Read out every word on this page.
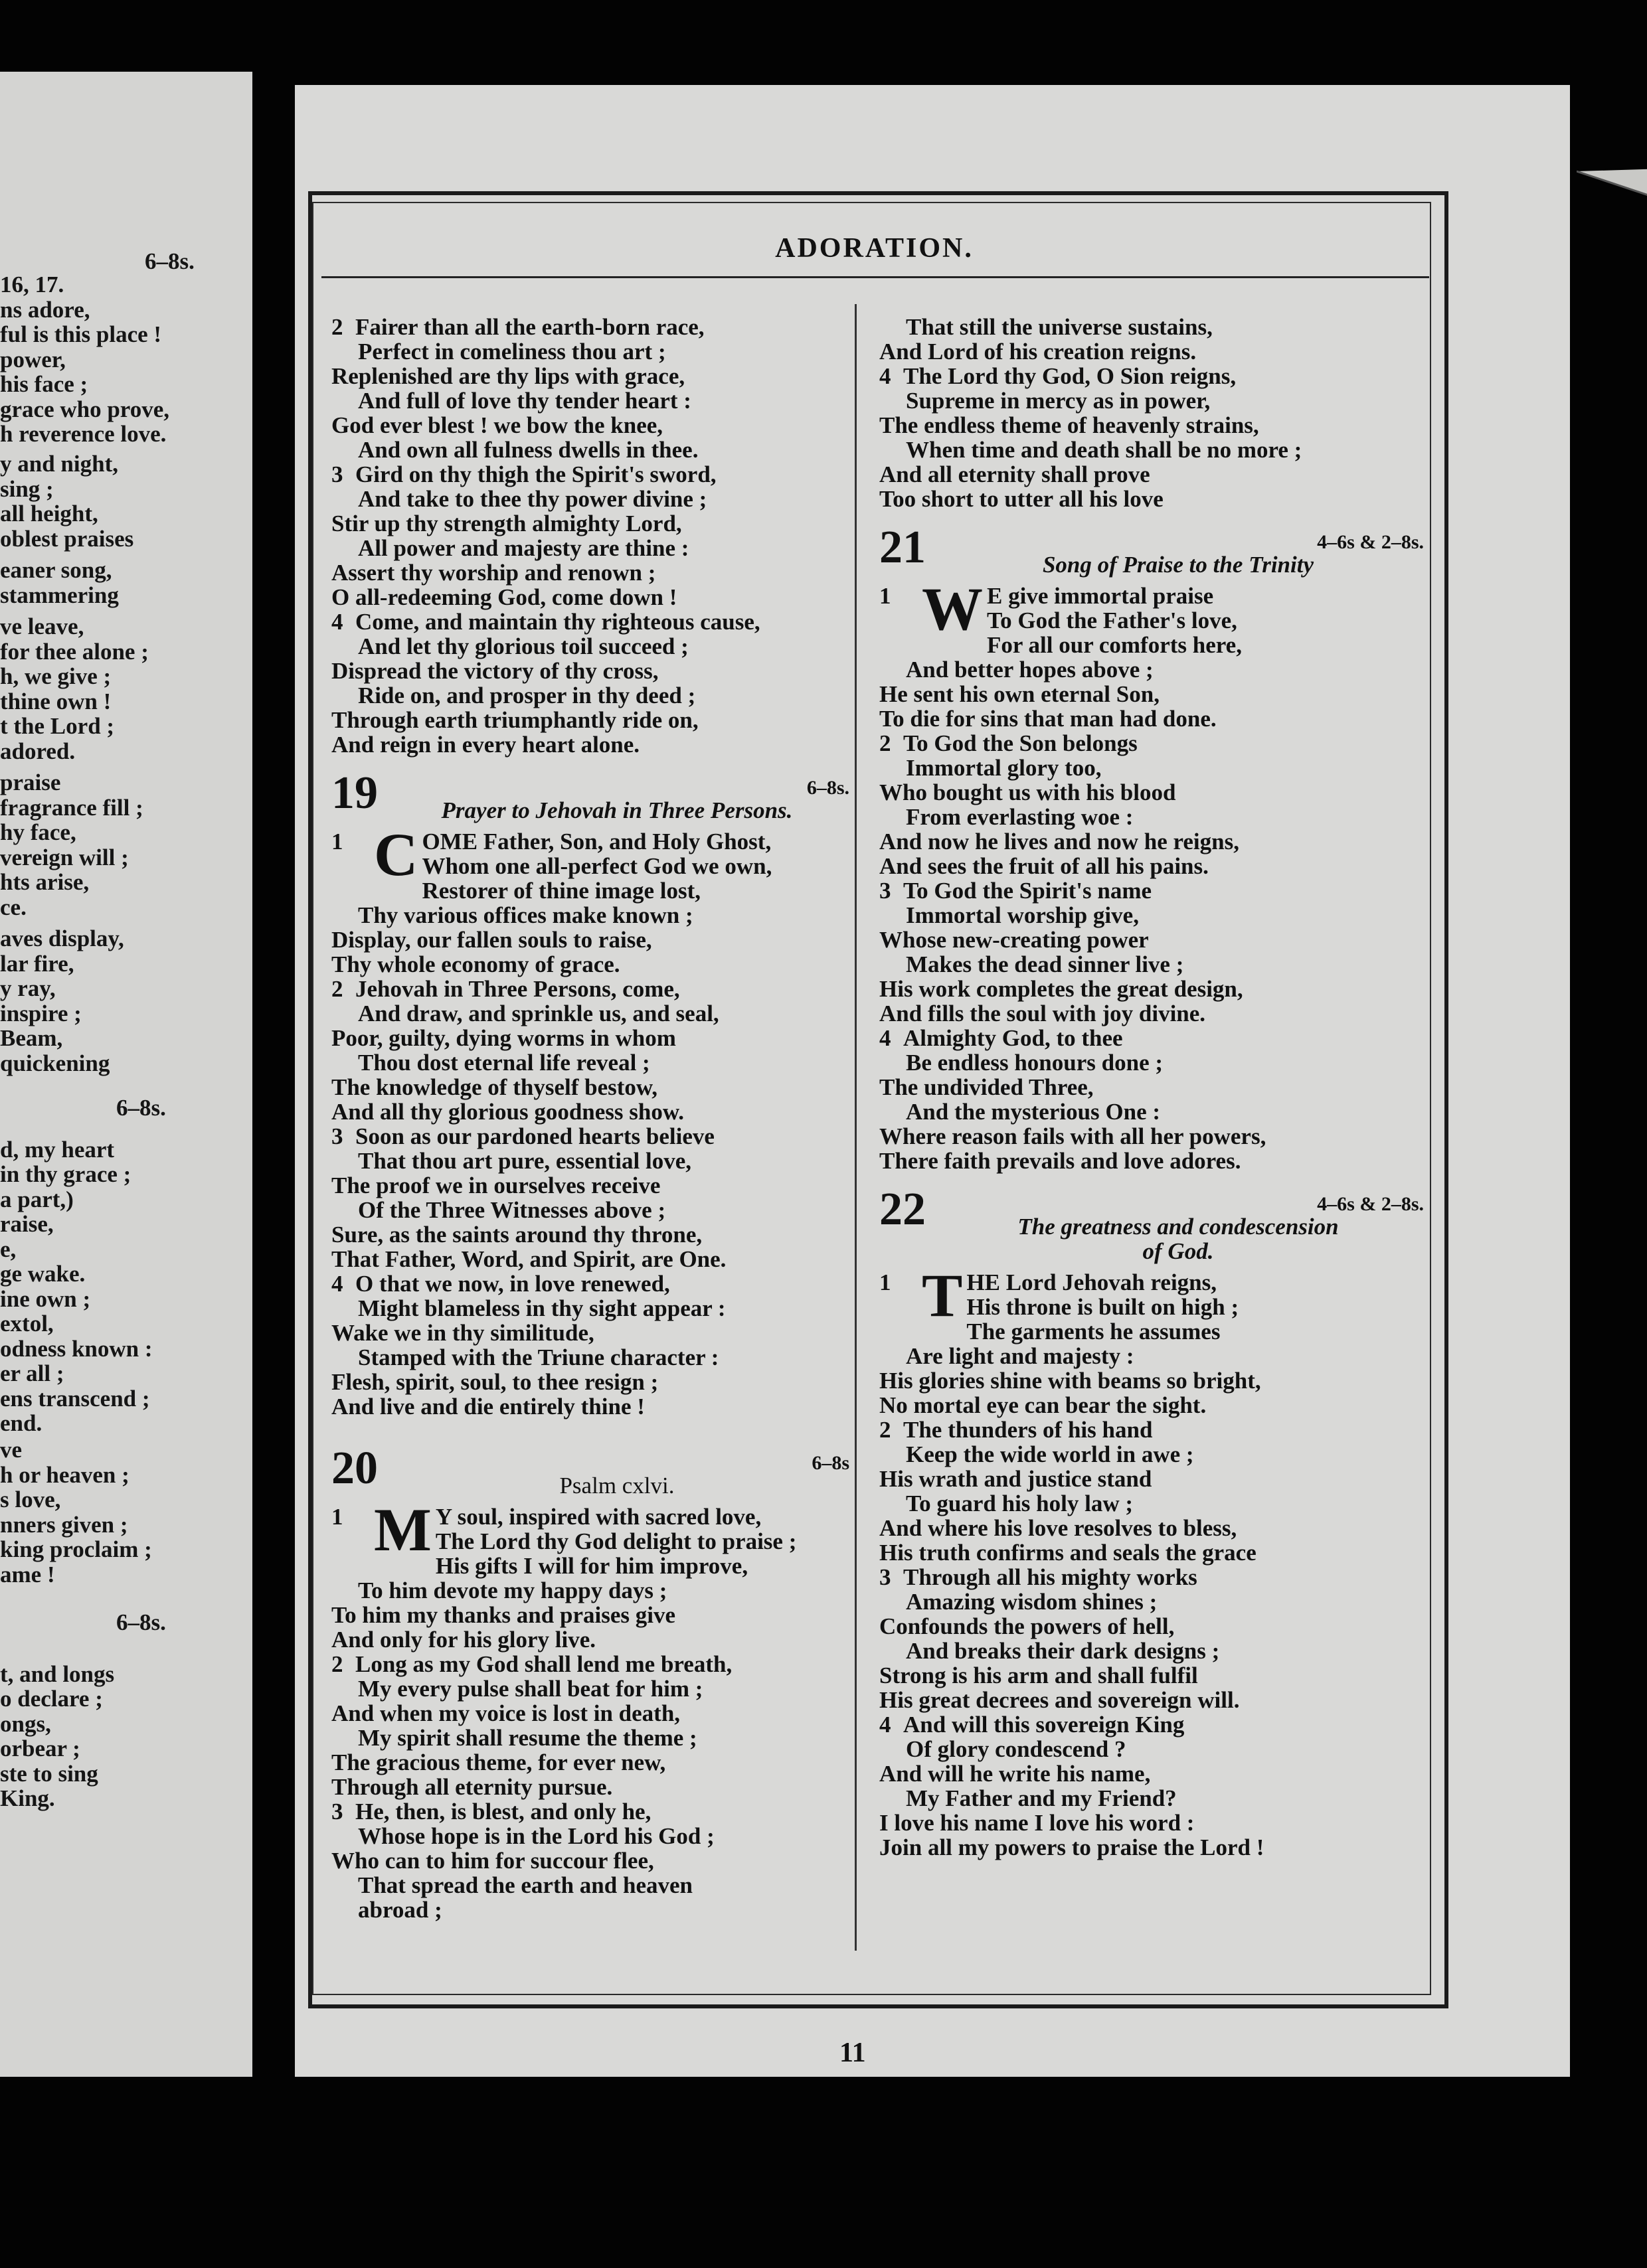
6–8s.
16, 17.
ns adore,
ful is this place !
power,
his face ;
grace who prove,
h reverence love.
y and night,
sing ;
all height,
oblest praises
eaner song,
stammering
ve leave,
for thee alone ;
h, we give ;
thine own !
t the Lord ;
adored.
praise
fragrance fill ;
hy face,
vereign will ;
hts arise,
ce.
aves display,
lar fire,
y ray,
inspire ;
Beam,
quickening
6–8s.
d, my heart
in thy grace ;
a part,)
raise,
e,
ge wake.
ine own ;
extol,
odness known :
er all ;
ens transcend ;
end.
ve
h or heaven ;
s love,
nners given ;
king proclaim ;
ame !
6–8s.
t, and longs
o declare ;
ongs,
orbear ;
ste to sing
King.
ADORATION.
2 Fairer than all the earth-born race,
Perfect in comeliness thou art ;
Replenished are thy lips with grace,
And full of love thy tender heart :
God ever blest ! we bow the knee,
And own all fulness dwells in thee.
3 Gird on thy thigh the Spirit's sword,
And take to thee thy power divine ;
Stir up thy strength almighty Lord,
All power and majesty are thine :
Assert thy worship and renown ;
O all-redeeming God, come down !
4 Come, and maintain thy righteous cause,
And let thy glorious toil succeed ;
Dispread the victory of thy cross,
Ride on, and prosper in thy deed ;
Through earth triumphantly ride on,
And reign in every heart alone.
19	6–8s.
Prayer to Jehovah in Three Persons.
1 C OME Father, Son, and Holy Ghost,
Whom one all-perfect God we own,
Restorer of thine image lost,
Thy various offices make known ;
Display, our fallen souls to raise,
Thy whole economy of grace.
2 Jehovah in Three Persons, come,
And draw, and sprinkle us, and seal,
Poor, guilty, dying worms in whom
Thou dost eternal life reveal ;
The knowledge of thyself bestow,
And all thy glorious goodness show.
3 Soon as our pardoned hearts believe
That thou art pure, essential love,
The proof we in ourselves receive
Of the Three Witnesses above ;
Sure, as the saints around thy throne,
That Father, Word, and Spirit, are One.
4 O that we now, in love renewed,
Might blameless in thy sight appear :
Wake we in thy similitude,
Stamped with the Triune character :
Flesh, spirit, soul, to thee resign ;
And live and die entirely thine !
20	6–8s
Psalm cxlvi.
1 M Y soul, inspired with sacred love,
The Lord thy God delight to praise ;
His gifts I will for him improve,
To him devote my happy days ;
To him my thanks and praises give
And only for his glory live.
2 Long as my God shall lend me breath,
My every pulse shall beat for him ;
And when my voice is lost in death,
My spirit shall resume the theme ;
The gracious theme, for ever new,
Through all eternity pursue.
3 He, then, is blest, and only he,
Whose hope is in the Lord his God ;
Who can to him for succour flee,
That spread the earth and heaven
abroad ;
That still the universe sustains,
And Lord of his creation reigns.
4 The Lord thy God, O Sion reigns,
Supreme in mercy as in power,
The endless theme of heavenly strains,
When time and death shall be no more ;
And all eternity shall prove
Too short to utter all his love
21	4–6s & 2–8s.
Song of Praise to the Trinity
1 W E give immortal praise
To God the Father's love,
For all our comforts here,
And better hopes above ;
He sent his own eternal Son,
To die for sins that man had done.
2 To God the Son belongs
Immortal glory too,
Who bought us with his blood
From everlasting woe :
And now he lives and now he reigns,
And sees the fruit of all his pains.
3 To God the Spirit's name
Immortal worship give,
Whose new-creating power
Makes the dead sinner live ;
His work completes the great design,
And fills the soul with joy divine.
4 Almighty God, to thee
Be endless honours done ;
The undivided Three,
And the mysterious One :
Where reason fails with all her powers,
There faith prevails and love adores.
22	4–6s & 2–8s.
The greatness and condescension
of God.
1 T HE Lord Jehovah reigns,
His throne is built on high ;
The garments he assumes
Are light and majesty :
His glories shine with beams so bright,
No mortal eye can bear the sight.
2 The thunders of his hand
Keep the wide world in awe ;
His wrath and justice stand
To guard his holy law ;
And where his love resolves to bless,
His truth confirms and seals the grace
3 Through all his mighty works
Amazing wisdom shines ;
Confounds the powers of hell,
And breaks their dark designs ;
Strong is his arm and shall fulfil
His great decrees and sovereign will.
4 And will this sovereign King
Of glory condescend ?
And will he write his name,
My Father and my Friend?
I love his name I love his word :
Join all my powers to praise the Lord !
11
